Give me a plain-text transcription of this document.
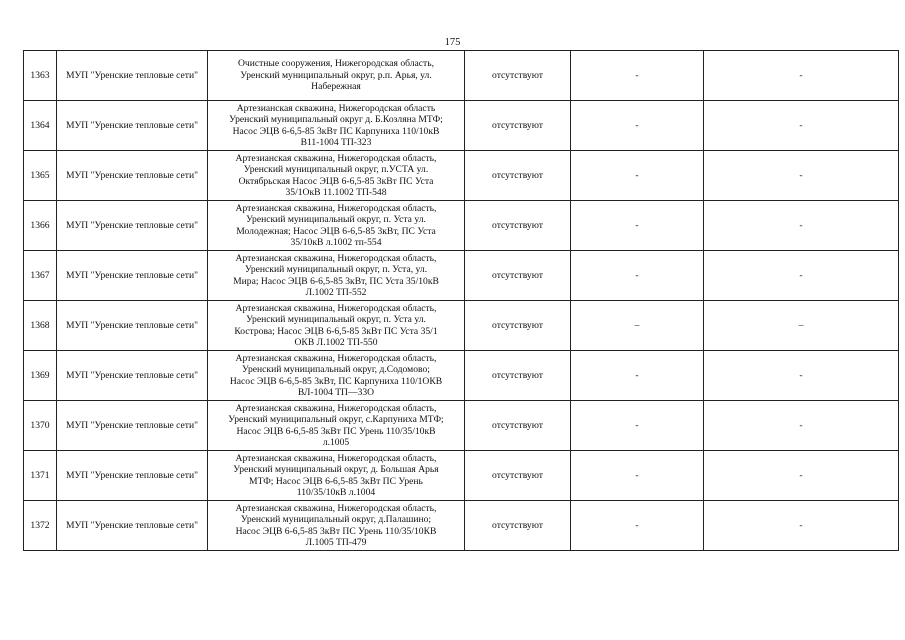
175
1363	МУП "Уренские тепловые сети"	Очистные сооружения, Нижегородская область,
Уренский муниципальный округ, р.п. Арья, ул.
Набережная	отсутствуют	-	-
1364	МУП "Уренские тепловые сети"	Артезианская скважина, Нижегородская область
Уренский муниципальный округ д. Б.Козляна МТФ;
Насос ЭЦВ 6-6,5-85 3кВт ПС Карпуниха 110/10кВ
В11-1004 ТП-323	отсутствуют	-	-
1365	МУП "Уренские тепловые сети"	Артезианская скважина, Нижегородская область,
Уренский муниципальный округ, п.УСТА ул.
Октябрьская Насос ЭЦВ 6-6,5-85 3кВт ПС Уста
35/1ОкВ 11.1002 ТП-548	отсутствуют	-	-
1366	МУП "Уренские тепловые сети"	Артезианская скважина, Нижегородская область,
Уренский муниципальный округ, п. Уста ул.
Молодежная; Насос ЭЦВ 6-6,5-85 3кВт, ПС Уста
35/10кВ л.1002 тп-554	отсутствуют	-	-
1367	МУП "Уренские тепловые сети"	Артезианская скважина, Нижегородская область,
Уренский муниципальный округ, п. Уста, ул.
Мира; Насос ЭЦВ 6-6,5-85 3кВт, ПС Уста 35/10кВ
Л.1002 ТП-552	отсутствуют	-	-
1368	МУП "Уренские тепловые сети"	Артезианская скважина, Нижегородская область,
Уренский муниципальный округ, п. Уста ул.
Кострова; Насос ЭЦВ 6-6,5-85 3кВт ПС Уста 35/1
ОКВ Л.1002 ТП-550	отсутствуют	–	–
1369	МУП "Уренские тепловые сети"	Артезианская скважина, Нижегородская область,
Уренский муниципальный округ, д.Содомово;
Насос ЭЦВ 6-6,5-85 3кВт, ПС Карпуниха 110/1ОКВ
ВЛ-1004 ТП—33О	отсутствуют	-	-
1370	МУП "Уренские тепловые сети"	Артезианская скважина, Нижегородская область,
Уренский муниципальный округ, с.Карпуниха МТФ;
Насос ЭЦВ 6-6,5-85 3кВт ПС Урень 110/35/10кВ
л.1005	отсутствуют	-	-
1371	МУП "Уренские тепловые сети"	Артезианская скважина, Нижегородская область,
Уренский муниципальный округ, д. Большая Арья
МТФ; Насос ЭЦВ 6-6,5-85 3кВт ПС Урень
110/35/10кВ л.1004	отсутствуют	-	-
1372	МУП "Уренские тепловые сети"	Артезианская скважина, Нижегородская область,
Уренский муниципальный округ, д.Палашино;
Насос ЭЦВ 6-6,5-85 3кВт ПС Урень 110/35/10КВ
Л.1005 ТП-479	отсутствуют	-	-
